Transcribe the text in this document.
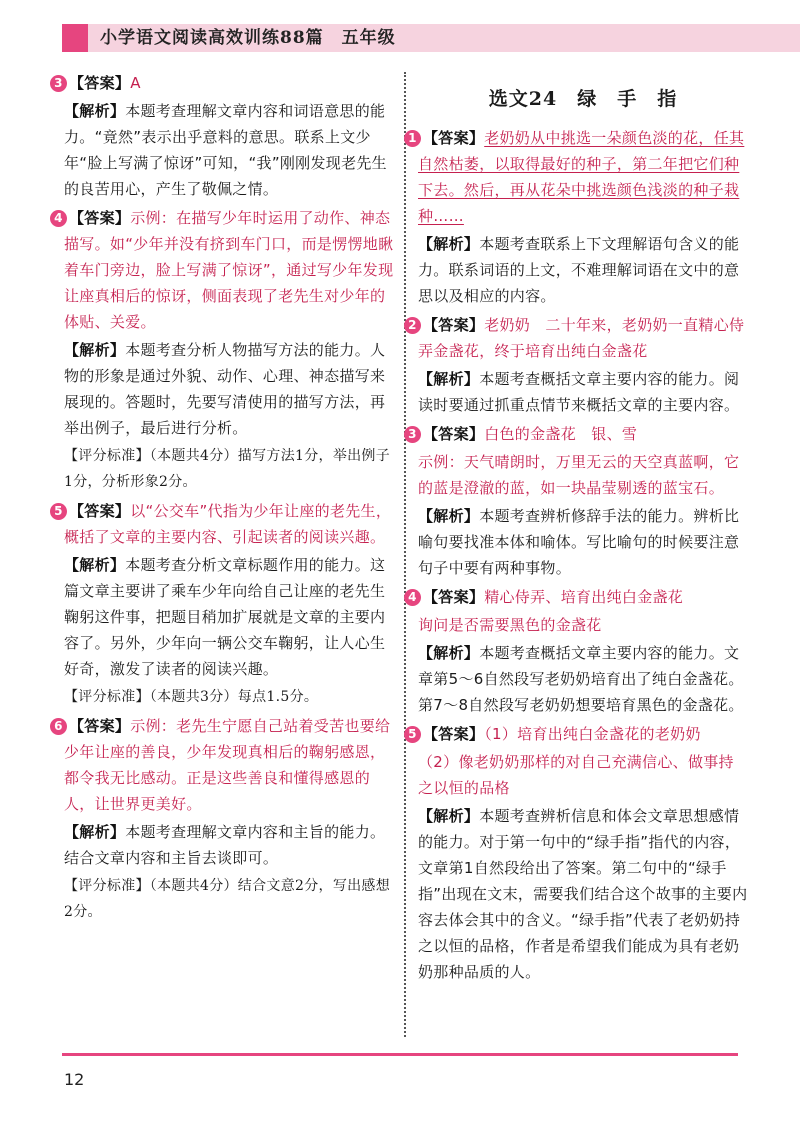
小学语文阅读高效训练88篇　五年级

3 【答案】A

【解析】本题考查理解文章内容和词语意思的能力。“竟然”表示出乎意料的意思。联系上文少年“脸上写满了惊讶”可知，“我”刚刚发现老先生的良苦用心，产生了敬佩之情。

4 【答案】示例：在描写少年时运用了动作、神态描写。如“少年并没有挤到车门口，而是愣愣地瞅着车门旁边，脸上写满了惊讶”，通过写少年发现让座真相后的惊讶，侧面表现了老先生对少年的体贴、关爱。

【解析】本题考查分析人物描写方法的能力。人物的形象是通过外貌、动作、心理、神态描写来展现的。答题时，先要写清使用的描写方法，再举出例子，最后进行分析。

【评分标准】（本题共4分）描写方法1分，举出例子1分，分析形象2分。

5 【答案】以“公交车”代指为少年让座的老先生，概括了文章的主要内容、引起读者的阅读兴趣。

【解析】本题考查分析文章标题作用的能力。这篇文章主要讲了乘车少年向给自己让座的老先生鞠躬这件事，把题目稍加扩展就是文章的主要内容了。另外，少年向一辆公交车鞠躬，让人心生好奇，激发了读者的阅读兴趣。

【评分标准】（本题共3分）每点1.5分。

6 【答案】示例：老先生宁愿自己站着受苦也要给少年让座的善良，少年发现真相后的鞠躬感恩，都令我无比感动。正是这些善良和懂得感恩的人，让世界更美好。

【解析】本题考查理解文章内容和主旨的能力。结合文章内容和主旨去谈即可。

【评分标准】（本题共4分）结合文意2分，写出感想2分。

选文24　绿　手　指

1 【答案】老奶奶从中挑选一朵颜色淡的花，任其自然枯萎，以取得最好的种子，第二年把它们种下去。然后，再从花朵中挑选颜色浅淡的种子栽种……

【解析】本题考查联系上下文理解语句含义的能力。联系词语的上文，不难理解词语在文中的意思以及相应的内容。

2 【答案】老奶奶　二十年来，老奶奶一直精心侍弄金盏花，终于培育出纯白金盏花

【解析】本题考查概括文章主要内容的能力。阅读时要通过抓重点情节来概括文章的主要内容。

3 【答案】白色的金盏花　银、雪

示例：天气晴朗时，万里无云的天空真蓝啊，它的蓝是澄澈的蓝，如一块晶莹剔透的蓝宝石。

【解析】本题考查辨析修辞手法的能力。辨析比喻句要找准本体和喻体。写比喻句的时候要注意句子中要有两种事物。

4 【答案】精心侍弄、培育出纯白金盏花

询问是否需要黑色的金盏花

【解析】本题考查概括文章主要内容的能力。文章第5～6自然段写老奶奶培育出了纯白金盏花。第7～8自然段写老奶奶想要培育黑色的金盏花。

5 【答案】（1）培育出纯白金盏花的老奶奶

（2）像老奶奶那样的对自己充满信心、做事持之以恒的品格

【解析】本题考查辨析信息和体会文章思想感情的能力。对于第一句中的“绿手指”指代的内容，文章第1自然段给出了答案。第二句中的“绿手指”出现在文末，需要我们结合这个故事的主要内容去体会其中的含义。“绿手指”代表了老奶奶持之以恒的品格，作者是希望我们能成为具有老奶奶那种品质的人。

12
